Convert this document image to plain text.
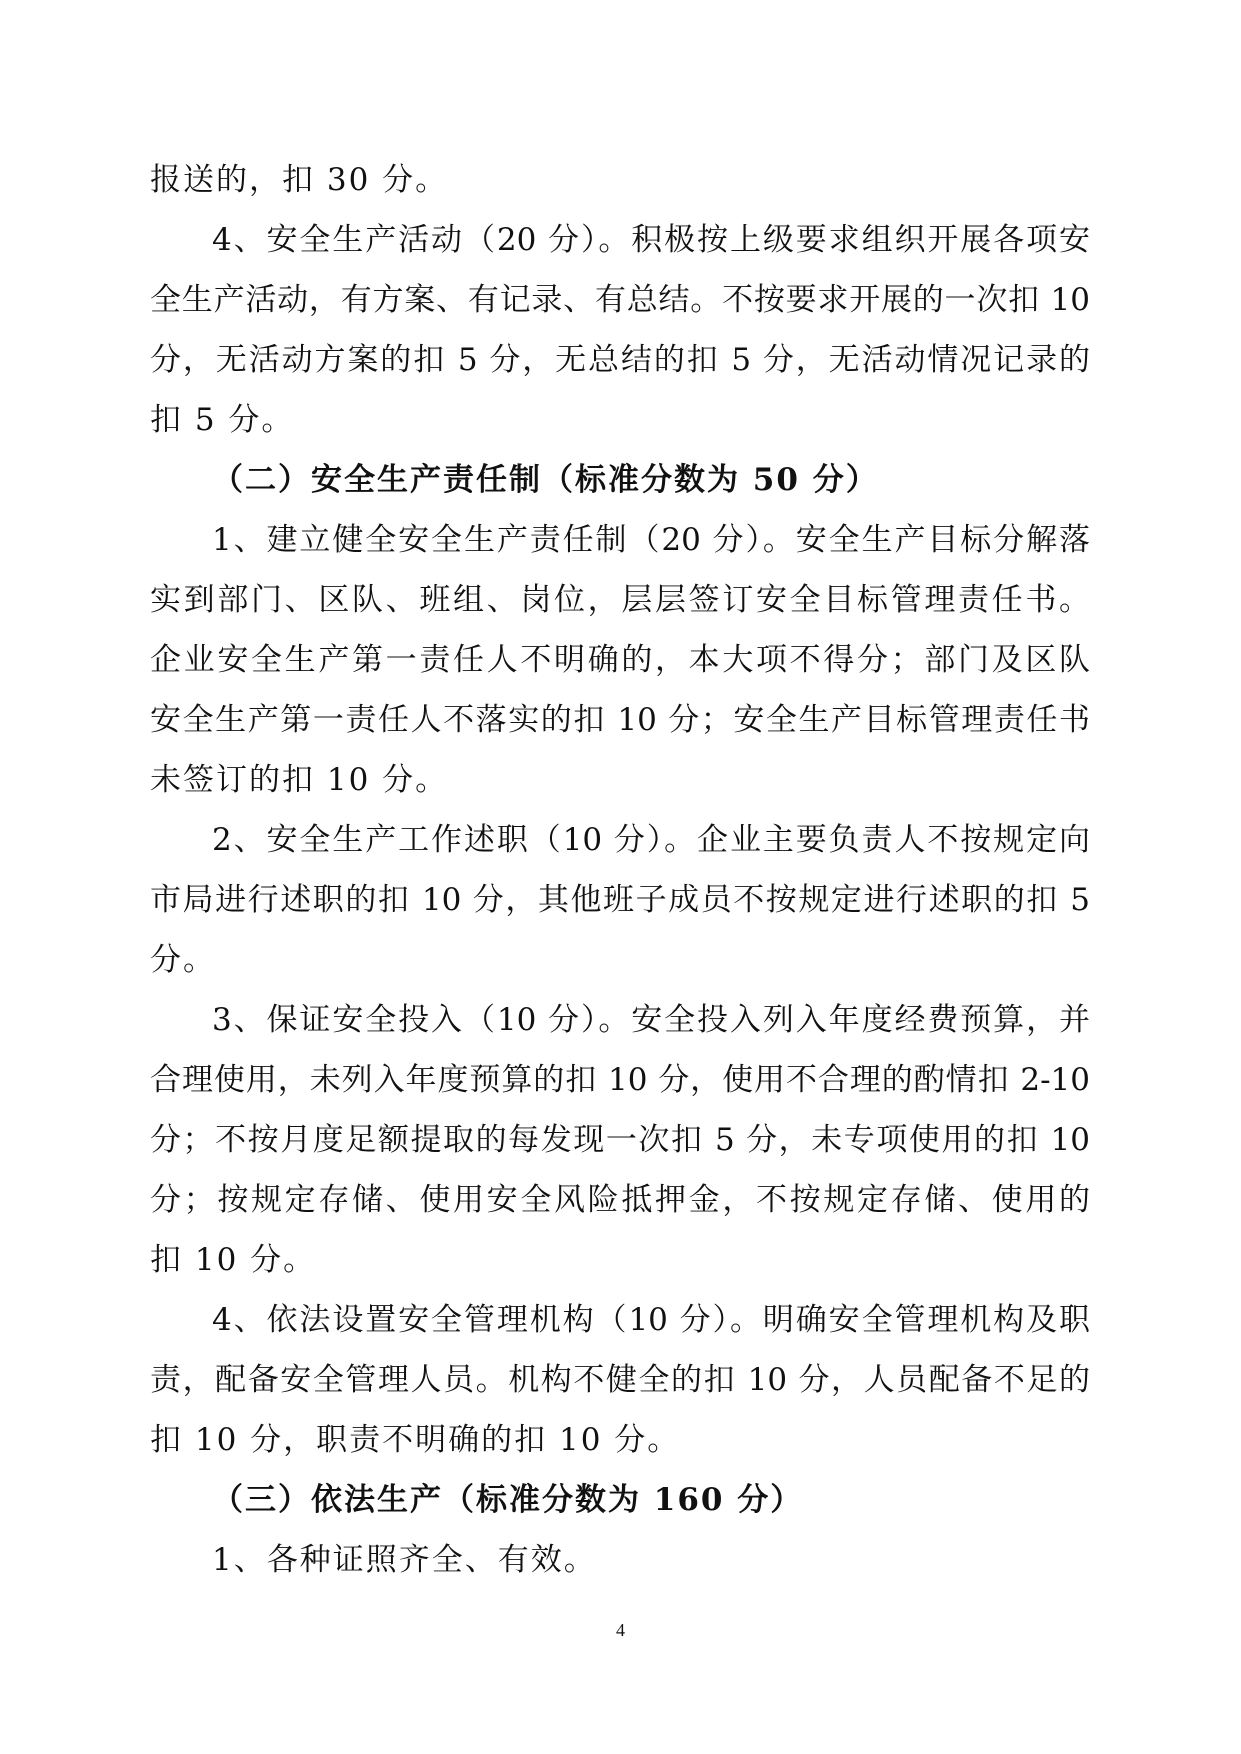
报送的，扣 30 分。
4、安全生产活动（20 分）。积极按上级要求组织开展各项安
全生产活动，有方案、有记录、有总结。不按要求开展的一次扣 10
分，无活动方案的扣 5 分，无总结的扣 5 分，无活动情况记录的
扣 5 分。
（二）安全生产责任制（标准分数为 50 分）
1、建立健全安全生产责任制（20 分）。安全生产目标分解落
实到部门、区队、班组、岗位，层层签订安全目标管理责任书。
企业安全生产第一责任人不明确的，本大项不得分；部门及区队
安全生产第一责任人不落实的扣 10 分；安全生产目标管理责任书
未签订的扣 10 分。
2、安全生产工作述职（10 分）。企业主要负责人不按规定向
市局进行述职的扣 10 分，其他班子成员不按规定进行述职的扣 5
分。
3、保证安全投入（10 分）。安全投入列入年度经费预算，并
合理使用，未列入年度预算的扣 10 分，使用不合理的酌情扣 2-10
分；不按月度足额提取的每发现一次扣 5 分，未专项使用的扣 10
分；按规定存储、使用安全风险抵押金，不按规定存储、使用的
扣 10 分。
4、依法设置安全管理机构（10 分）。明确安全管理机构及职
责，配备安全管理人员。机构不健全的扣 10 分，人员配备不足的
扣 10 分，职责不明确的扣 10 分。
（三）依法生产（标准分数为 160 分）
1、各种证照齐全、有效。
4
